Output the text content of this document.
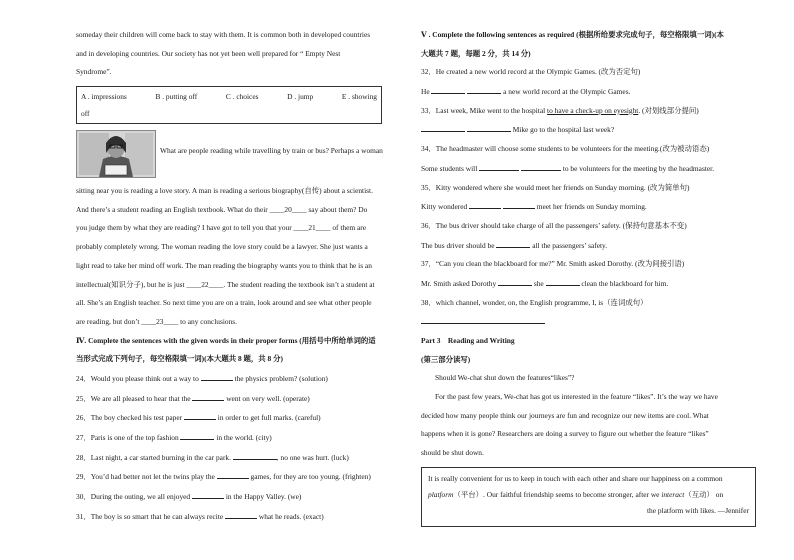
someday their children will come back to stay with them. It is common both in developed countries
and in developing countries. Our society has not yet been well prepared for “ Empty Nest
Syndrome”.
A . impressions	B . putting off	C . choices	D . jump	E . showing
off
What are people reading while travelling by train or bus? Perhaps a woman
sitting near you is reading a love story. A man is reading a serious biography(自传) about a scientist.
And there’s a student reading an English textbook. What do their ____20____ say about them? Do
you judge them by what they are reading? I have got to tell you that your ____21____ of them are
probably completely wrong. The woman reading the love story could be a lawyer. She just wants a
light read to take her mind off work. The man reading the biography wants you to think that he is an
intellectual(知识分子), but he is just ____22____. The student reading the textbook isn’t a student at
all. She’s an English teacher. So next time you are on a train, look around and see what other people
are reading, but don’t ____23____ to any conclusions.
Ⅳ. Complete the sentences with the given words in their proper forms (用括号中所给单词的适
当形式完成下列句子，每空格限填一词)(本大题共 8 题，共 8 分)
24．Would you please think out a way to	the physics problem? (solution)
25．We are all pleased to hear that the	went on very well. (operate)
26．The boy checked his test paper	in order to get full marks. (careful)
27．Paris is one of the top fashion	in the world. (city)
28．Last night, a car started burning in the car park.	, no one was hurt. (luck)
29．You’d had better not let the twins play the	games, for they are too young. (frighten)
30．During the outing, we all enjoyed	in the Happy Valley. (we)
31．The boy is so smart that he can always recite	what he reads. (exact)
Ⅴ . Complete the following sentences as required (根据所给要求完成句子，每空格限填一词)(本
大题共 7 题，每题 2 分，共 14 分)
32．He created a new world record at the Olympic Games. (改为否定句)
He	a new world record at the Olympic Games.
33．Last week, Mike went to the hospital to have a check-up on eyesight. (对划线部分提问)
Mike go to the hospital last week?
34．The headmaster will choose some students to be volunteers for the meeting.(改为被动语态)
Some students will	to be volunteers for the meeting by the headmaster.
35．Kitty wondered where she would meet her friends on Sunday morning. (改为简单句)
Kitty wondered	meet her friends on Sunday morning.
36．The bus driver should take charge of all the passengers’ safety. (保持句意基本不变)
The bus driver should be	all the passengers’ safety.
37．“Can you clean the blackboard for me?” Mr. Smith asked Dorothy. (改为间接引语)
Mr. Smith asked Dorothy	she	clean the blackboard for him.
38．which channel, wonder, on, the English programme, I, is（连词成句）
Part 3　Reading and Writing
(第三部分读写)
Should We-chat shut down the features“likes”?
For the past few years, We-chat has got us interested in the feature “likes”. It’s the way we have
decided how many people think our journeys are fun and recognize our new items are cool. What
happens when it is gone? Researchers are doing a survey to figure out whether the feature “likes”
should be shut down.
It is really convenient for us to keep in touch with each other and share our happiness on a common
platform（平台）. Our faithful friendship seems to become stronger, after we interact（互动） on
the platform with likes. —Jennifer
